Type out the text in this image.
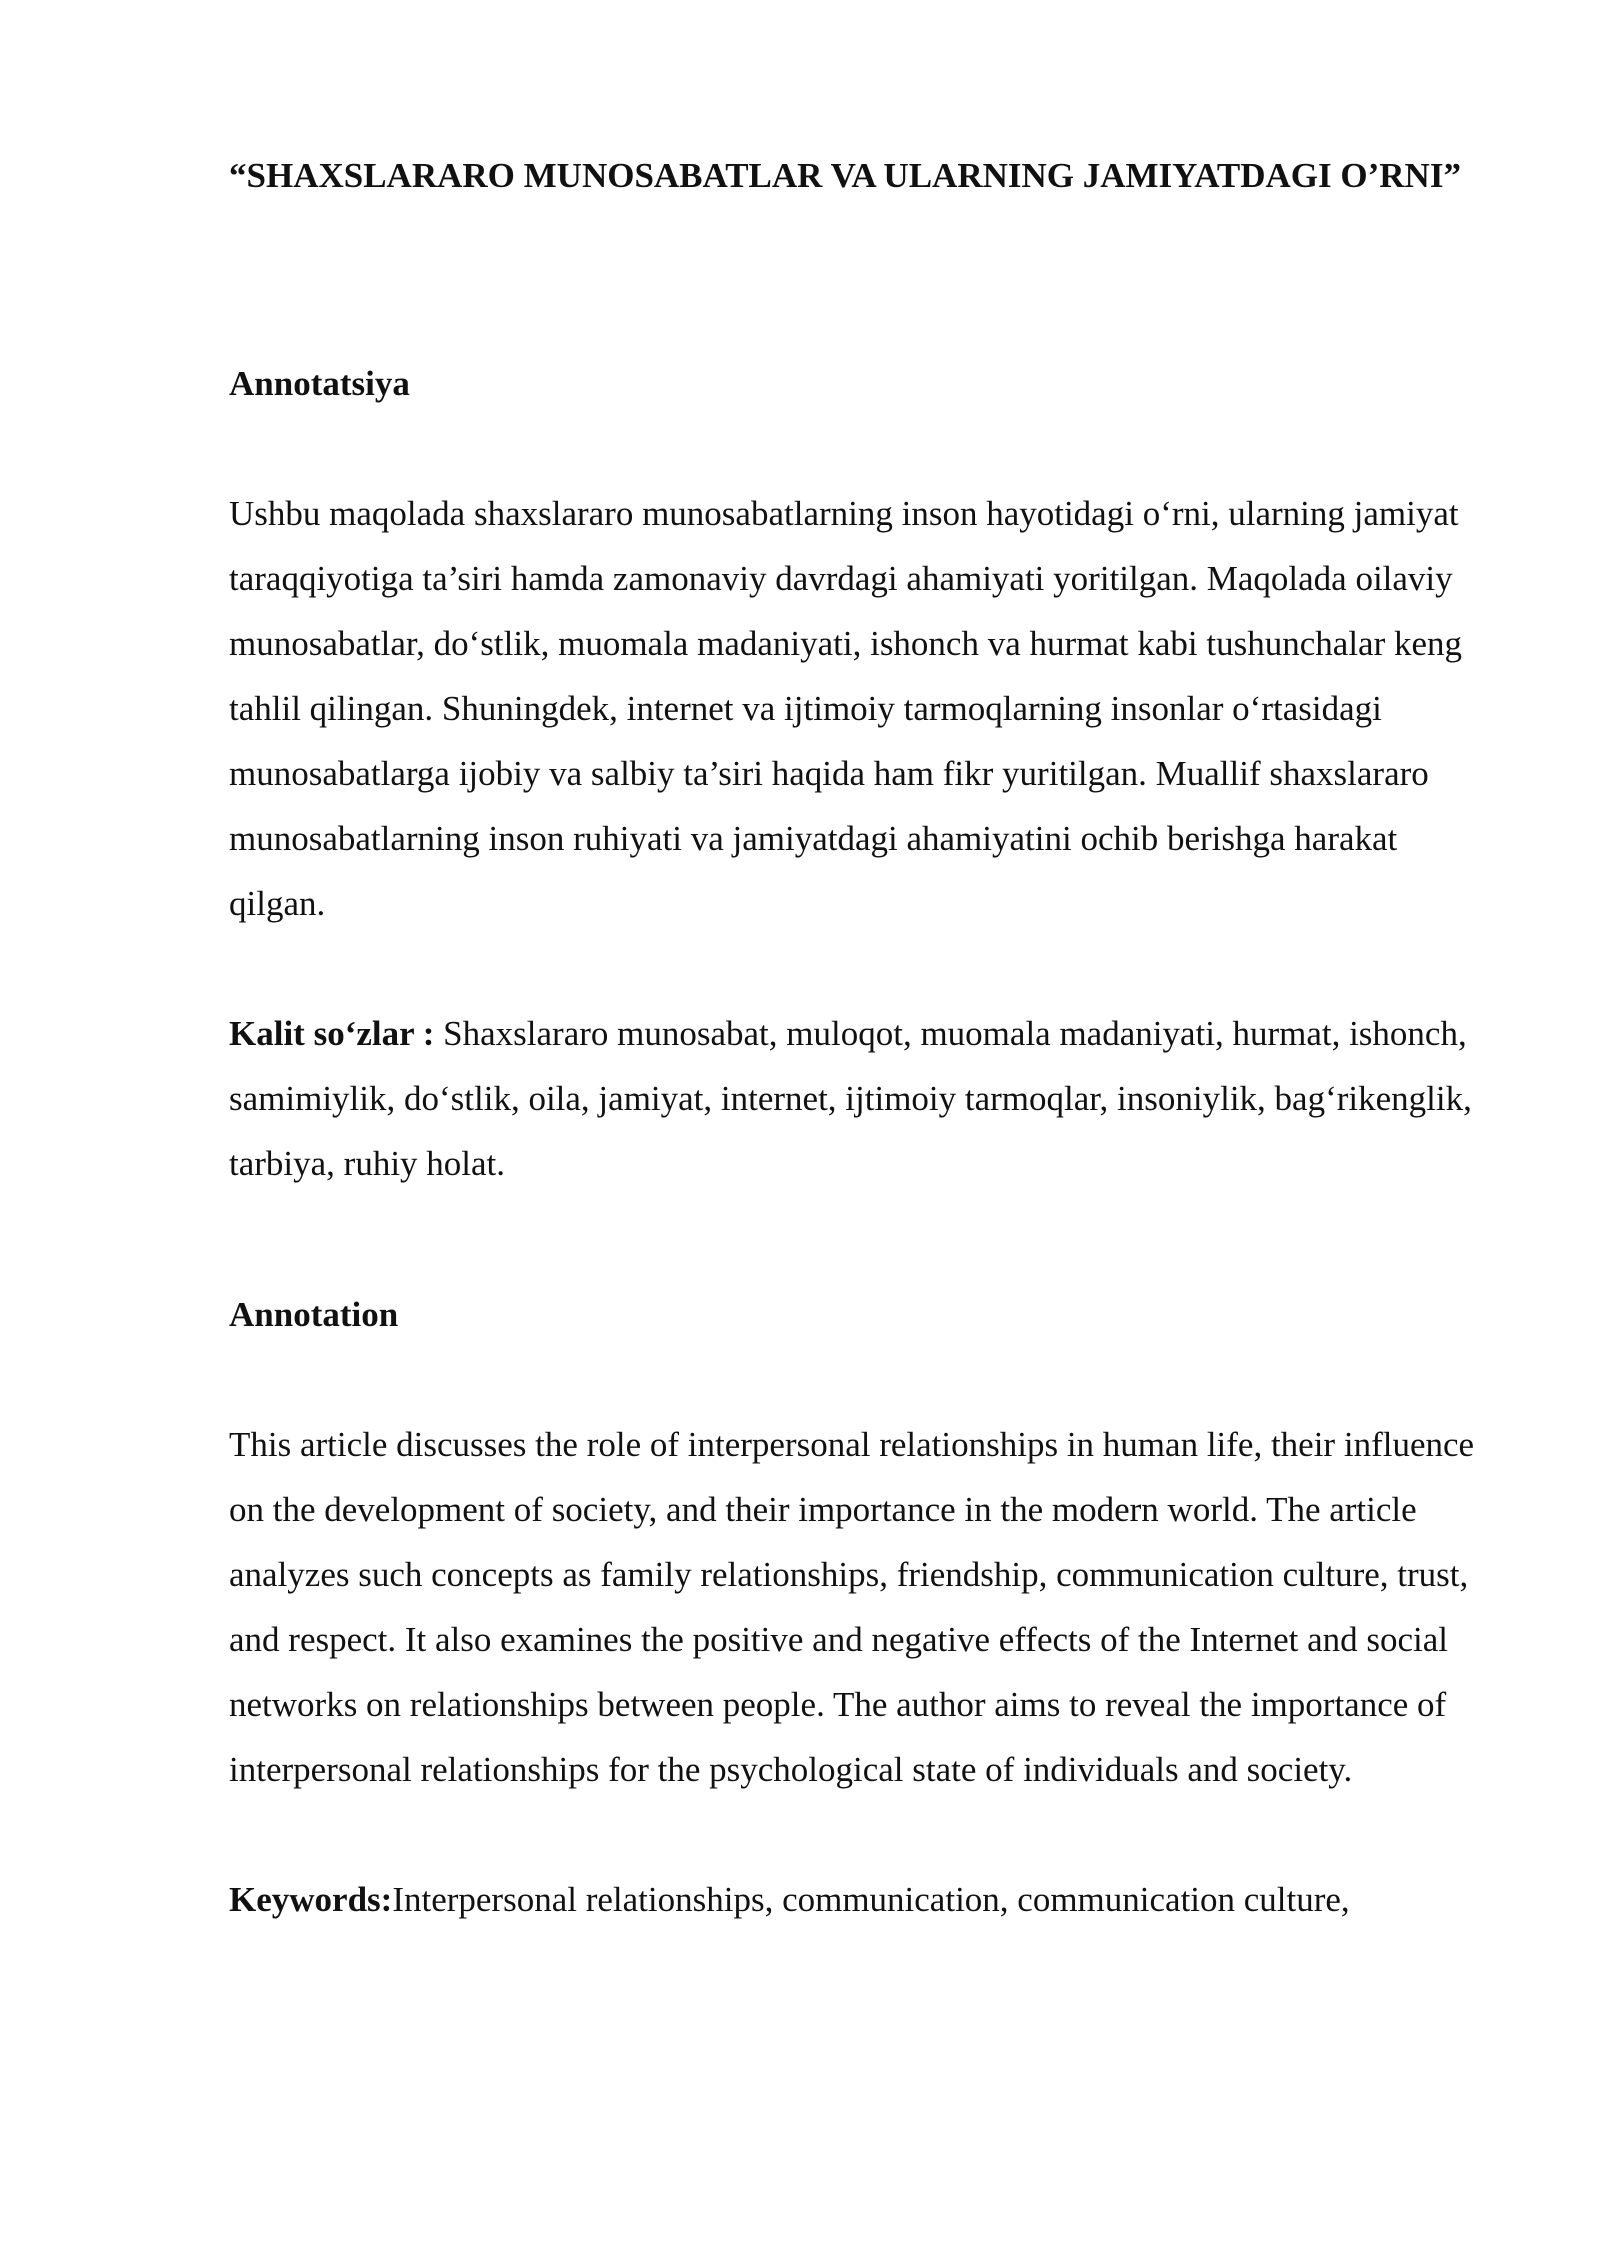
“SHAXSLARARO MUNOSABATLAR VA ULARNING JAMIYATDAGI O’RNI”
Annotatsiya

Ushbu maqolada shaxslararo munosabatlarning inson hayotidagi o‘rni, ularning jamiyat taraqqiyotiga ta’siri hamda zamonaviy davrdagi ahamiyati yoritilgan. Maqolada oilaviy munosabatlar, do‘stlik, muomala madaniyati, ishonch va hurmat kabi tushunchalar keng tahlil qilingan. Shuningdek, internet va ijtimoiy tarmoqlarning insonlar o‘rtasidagi munosabatlarga ijobiy va salbiy ta’siri haqida ham fikr yuritilgan. Muallif shaxslararo munosabatlarning inson ruhiyati va jamiyatdagi ahamiyatini ochib berishga harakat qilgan.

Kalit so‘zlar : Shaxslararo munosabat, muloqot, muomala madaniyati, hurmat, ishonch, samimiylik, do‘stlik, oila, jamiyat, internet, ijtimoiy tarmoqlar, insoniylik, bag‘rikenglik, tarbiya, ruhiy holat.

Annotation

This article discusses the role of interpersonal relationships in human life, their influence on the development of society, and their importance in the modern world. The article analyzes such concepts as family relationships, friendship, communication culture, trust, and respect. It also examines the positive and negative effects of the Internet and social networks on relationships between people. The author aims to reveal the importance of interpersonal relationships for the psychological state of individuals and society.

Keywords:Interpersonal relationships, communication, communication culture,
